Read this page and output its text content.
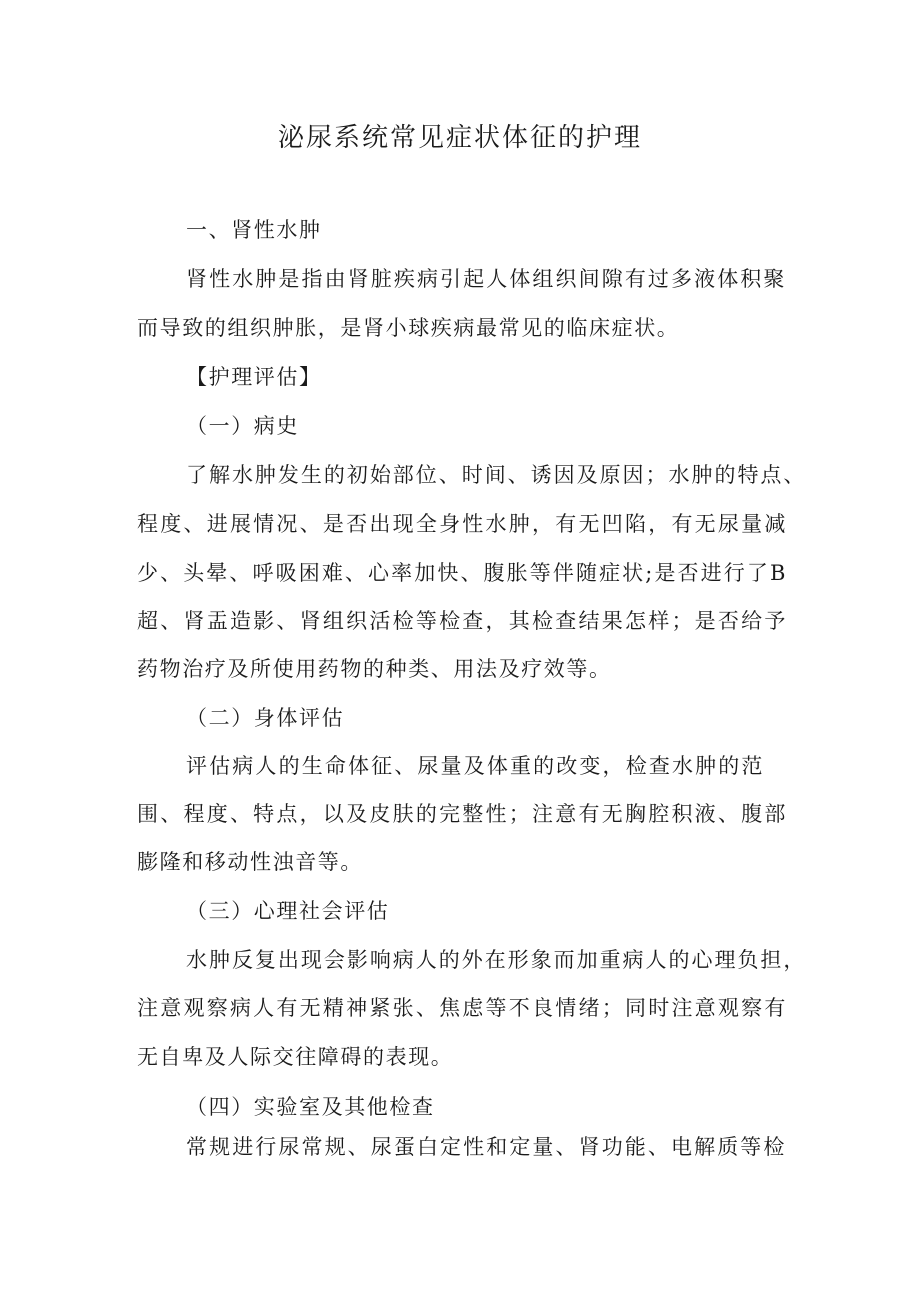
泌尿系统常见症状体征的护理
一、肾性水肿
肾性水肿是指由肾脏疾病引起人体组织间隙有过多液体积聚
而导致的组织肿胀，是肾小球疾病最常见的临床症状。
【护理评估】
（一）病史
了解水肿发生的初始部位、时间、诱因及原因；水肿的特点、
程度、进展情况、是否出现全身性水肿，有无凹陷，有无尿量减
少、头晕、呼吸困难、心率加快、腹胀等伴随症状;是否进行了B
超、肾盂造影、肾组织活检等检查，其检查结果怎样；是否给予
药物治疗及所使用药物的种类、用法及疗效等。
（二）身体评估
评估病人的生命体征、尿量及体重的改变，检查水肿的范
围、程度、特点，以及皮肤的完整性；注意有无胸腔积液、腹部
膨隆和移动性浊音等。
（三）心理社会评估
水肿反复出现会影响病人的外在形象而加重病人的心理负担，
注意观察病人有无精神紧张、焦虑等不良情绪；同时注意观察有
无自卑及人际交往障碍的表现。
（四）实验室及其他检查
常规进行尿常规、尿蛋白定性和定量、肾功能、电解质等检
